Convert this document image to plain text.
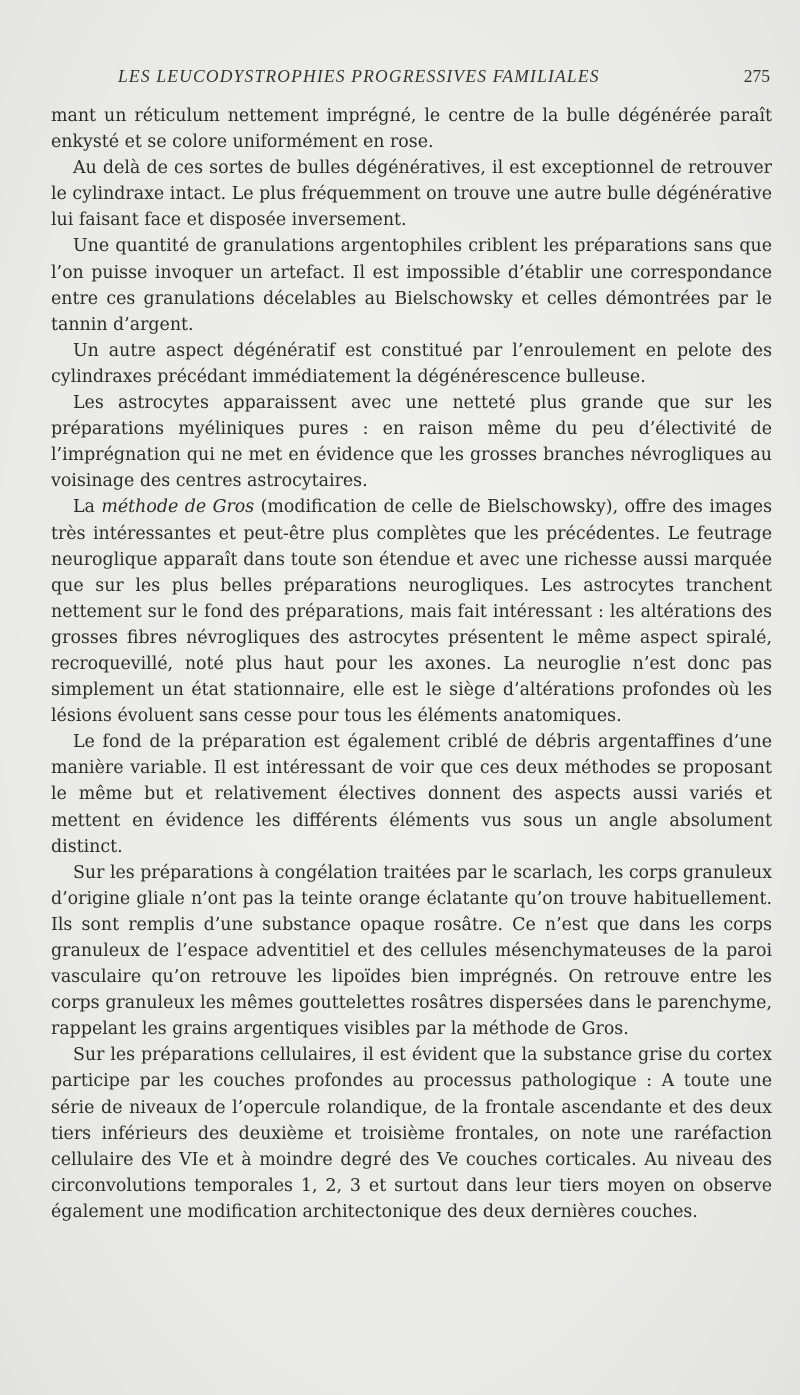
LES LEUCODYSTROPHIES PROGRESSIVES FAMILIALES	275

mant un réticulum nettement imprégné, le centre de la bulle dégénérée paraît enkysté et se colore uniformément en rose.

Au delà de ces sortes de bulles dégénératives, il est exceptionnel de retrouver le cylindraxe intact. Le plus fréquemment on trouve une autre bulle dégénérative lui faisant face et disposée inversement.

Une quantité de granulations argentophiles criblent les préparations sans que l’on puisse invoquer un artefact. Il est impossible d’établir une correspondance entre ces granulations décelables au Bielschowsky et celles démontrées par le tannin d’argent.

Un autre aspect dégénératif est constitué par l’enroulement en pelote des cylindraxes précédant immédiatement la dégénérescence bulleuse.

Les astrocytes apparaissent avec une netteté plus grande que sur les préparations myéliniques pures : en raison même du peu d’électivité de l’imprégnation qui ne met en évidence que les grosses branches névrogliques au voisinage des centres astrocytaires.

La méthode de Gros (modification de celle de Bielschowsky), offre des images très intéressantes et peut-être plus complètes que les précédentes. Le feutrage neuroglique apparaît dans toute son étendue et avec une richesse aussi marquée que sur les plus belles préparations neurogliques. Les astrocytes tranchent nettement sur le fond des préparations, mais fait intéressant : les altérations des grosses fibres névrogliques des astrocytes présentent le même aspect spiralé, recroquevillé, noté plus haut pour les axones. La neuroglie n’est donc pas simplement un état stationnaire, elle est le siège d’altérations profondes où les lésions évoluent sans cesse pour tous les éléments anatomiques.

Le fond de la préparation est également criblé de débris argentaffines d’une manière variable. Il est intéressant de voir que ces deux méthodes se proposant le même but et relativement électives donnent des aspects aussi variés et mettent en évidence les différents éléments vus sous un angle absolument distinct.

Sur les préparations à congélation traitées par le scarlach, les corps granuleux d’origine gliale n’ont pas la teinte orange éclatante qu’on trouve habituellement. Ils sont remplis d’une substance opaque rosâtre. Ce n’est que dans les corps granuleux de l’espace adventitiel et des cellules mésenchymateuses de la paroi vasculaire qu’on retrouve les lipoïdes bien imprégnés. On retrouve entre les corps granuleux les mêmes gouttelettes rosâtres dispersées dans le parenchyme, rappelant les grains argentiques visibles par la méthode de Gros.

Sur les préparations cellulaires, il est évident que la substance grise du cortex participe par les couches profondes au processus pathologique : A toute une série de niveaux de l’opercule rolandique, de la frontale ascendante et des deux tiers inférieurs des deuxième et troisième frontales, on note une raréfaction cellulaire des VIe et à moindre degré des Ve couches corticales. Au niveau des circonvolutions temporales 1, 2, 3 et surtout dans leur tiers moyen on observe également une modification architectonique des deux dernières couches.
